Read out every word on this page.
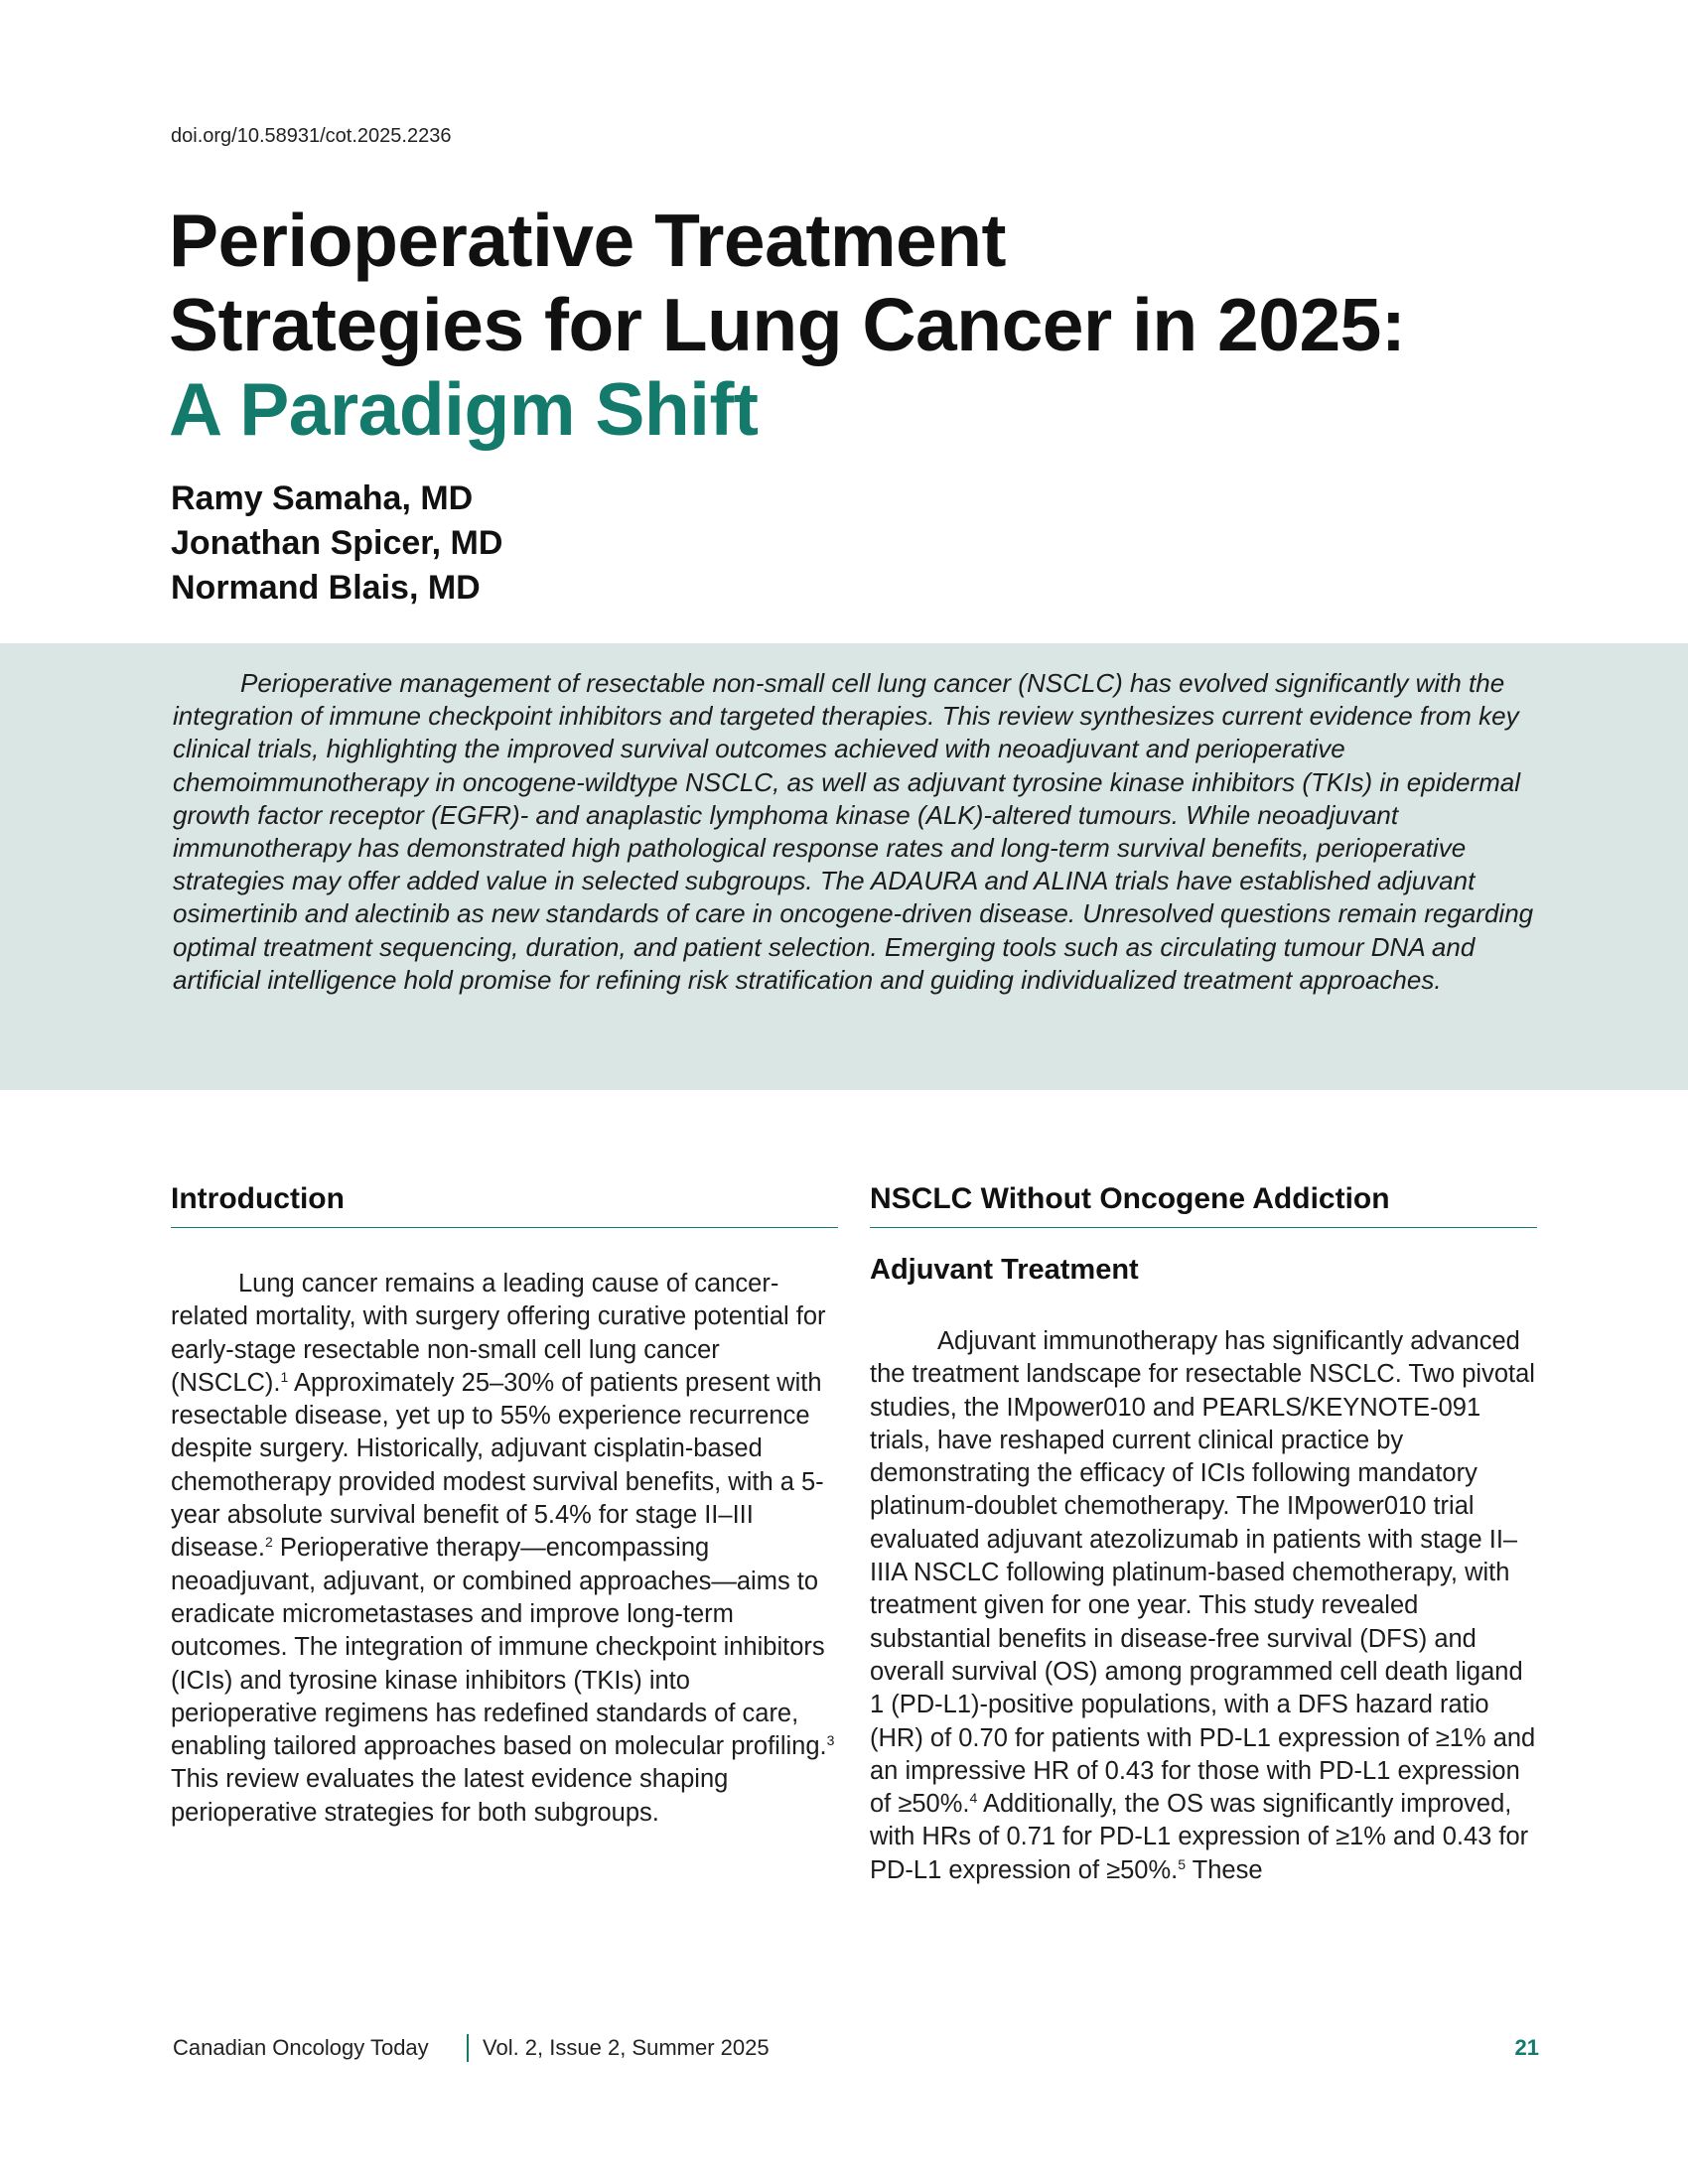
doi.org/10.58931/cot.2025.2236
Perioperative Treatment
Strategies for Lung Cancer in 2025:
A Paradigm Shift
Ramy Samaha, MD
Jonathan Spicer, MD
Normand Blais, MD

Perioperative management of resectable non-small cell lung cancer (NSCLC) has evolved significantly with the integration of immune checkpoint inhibitors and targeted therapies. This review synthesizes current evidence from key clinical trials, highlighting the improved survival outcomes achieved with neoadjuvant and perioperative chemoimmunotherapy in oncogene-wildtype NSCLC, as well as adjuvant tyrosine kinase inhibitors (TKIs) in epidermal growth factor receptor (EGFR)- and anaplastic lymphoma kinase (ALK)-altered tumours. While neoadjuvant immunotherapy has demonstrated high pathological response rates and long-term survival benefits, perioperative strategies may offer added value in selected subgroups. The ADAURA and ALINA trials have established adjuvant osimertinib and alectinib as new standards of care in oncogene-driven disease. Unresolved questions remain regarding optimal treatment sequencing, duration, and patient selection. Emerging tools such as circulating tumour DNA and artificial intelligence hold promise for refining risk stratification and guiding individualized treatment approaches.

Introduction

Lung cancer remains a leading cause of cancer-related mortality, with surgery offering curative potential for early-stage resectable non-small cell lung cancer (NSCLC).$^1$ Approximately 25–30% of patients present with resectable disease, yet up to 55% experience recurrence despite surgery. Historically, adjuvant cisplatin-based chemotherapy provided modest survival benefits, with a 5-year absolute survival benefit of 5.4% for stage II–III disease.$^2$ Perioperative therapy—encompassing neoadjuvant, adjuvant, or combined approaches—aims to eradicate micrometastases and improve long-term outcomes. The integration of immune checkpoint inhibitors (ICIs) and tyrosine kinase inhibitors (TKIs) into perioperative regimens has redefined standards of care, enabling tailored approaches based on molecular profiling.$^3$ This review evaluates the latest evidence shaping perioperative strategies for both subgroups.

NSCLC Without Oncogene Addiction
Adjuvant Treatment

Adjuvant immunotherapy has significantly advanced the treatment landscape for resectable NSCLC. Two pivotal studies, the IMpower010 and PEARLS/KEYNOTE-091 trials, have reshaped current clinical practice by demonstrating the efficacy of ICIs following mandatory platinum-doublet chemotherapy. The IMpower010 trial evaluated adjuvant atezolizumab in patients with stage II–IIIA NSCLC following platinum-based chemotherapy, with treatment given for one year. This study revealed substantial benefits in disease-free survival (DFS) and overall survival (OS) among programmed cell death ligand 1 (PD-L1)-positive populations, with a DFS hazard ratio (HR) of 0.70 for patients with PD-L1 expression of ≥1% and an impressive HR of 0.43 for those with PD-L1 expression of ≥50%.$^4$ Additionally, the OS was significantly improved, with HRs of 0.71 for PD-L1 expression of ≥1% and 0.43 for PD-L1 expression of ≥50%.$^5$ These

Canadian Oncology Today Vol. 2, Issue 2, Summer 2025	21
